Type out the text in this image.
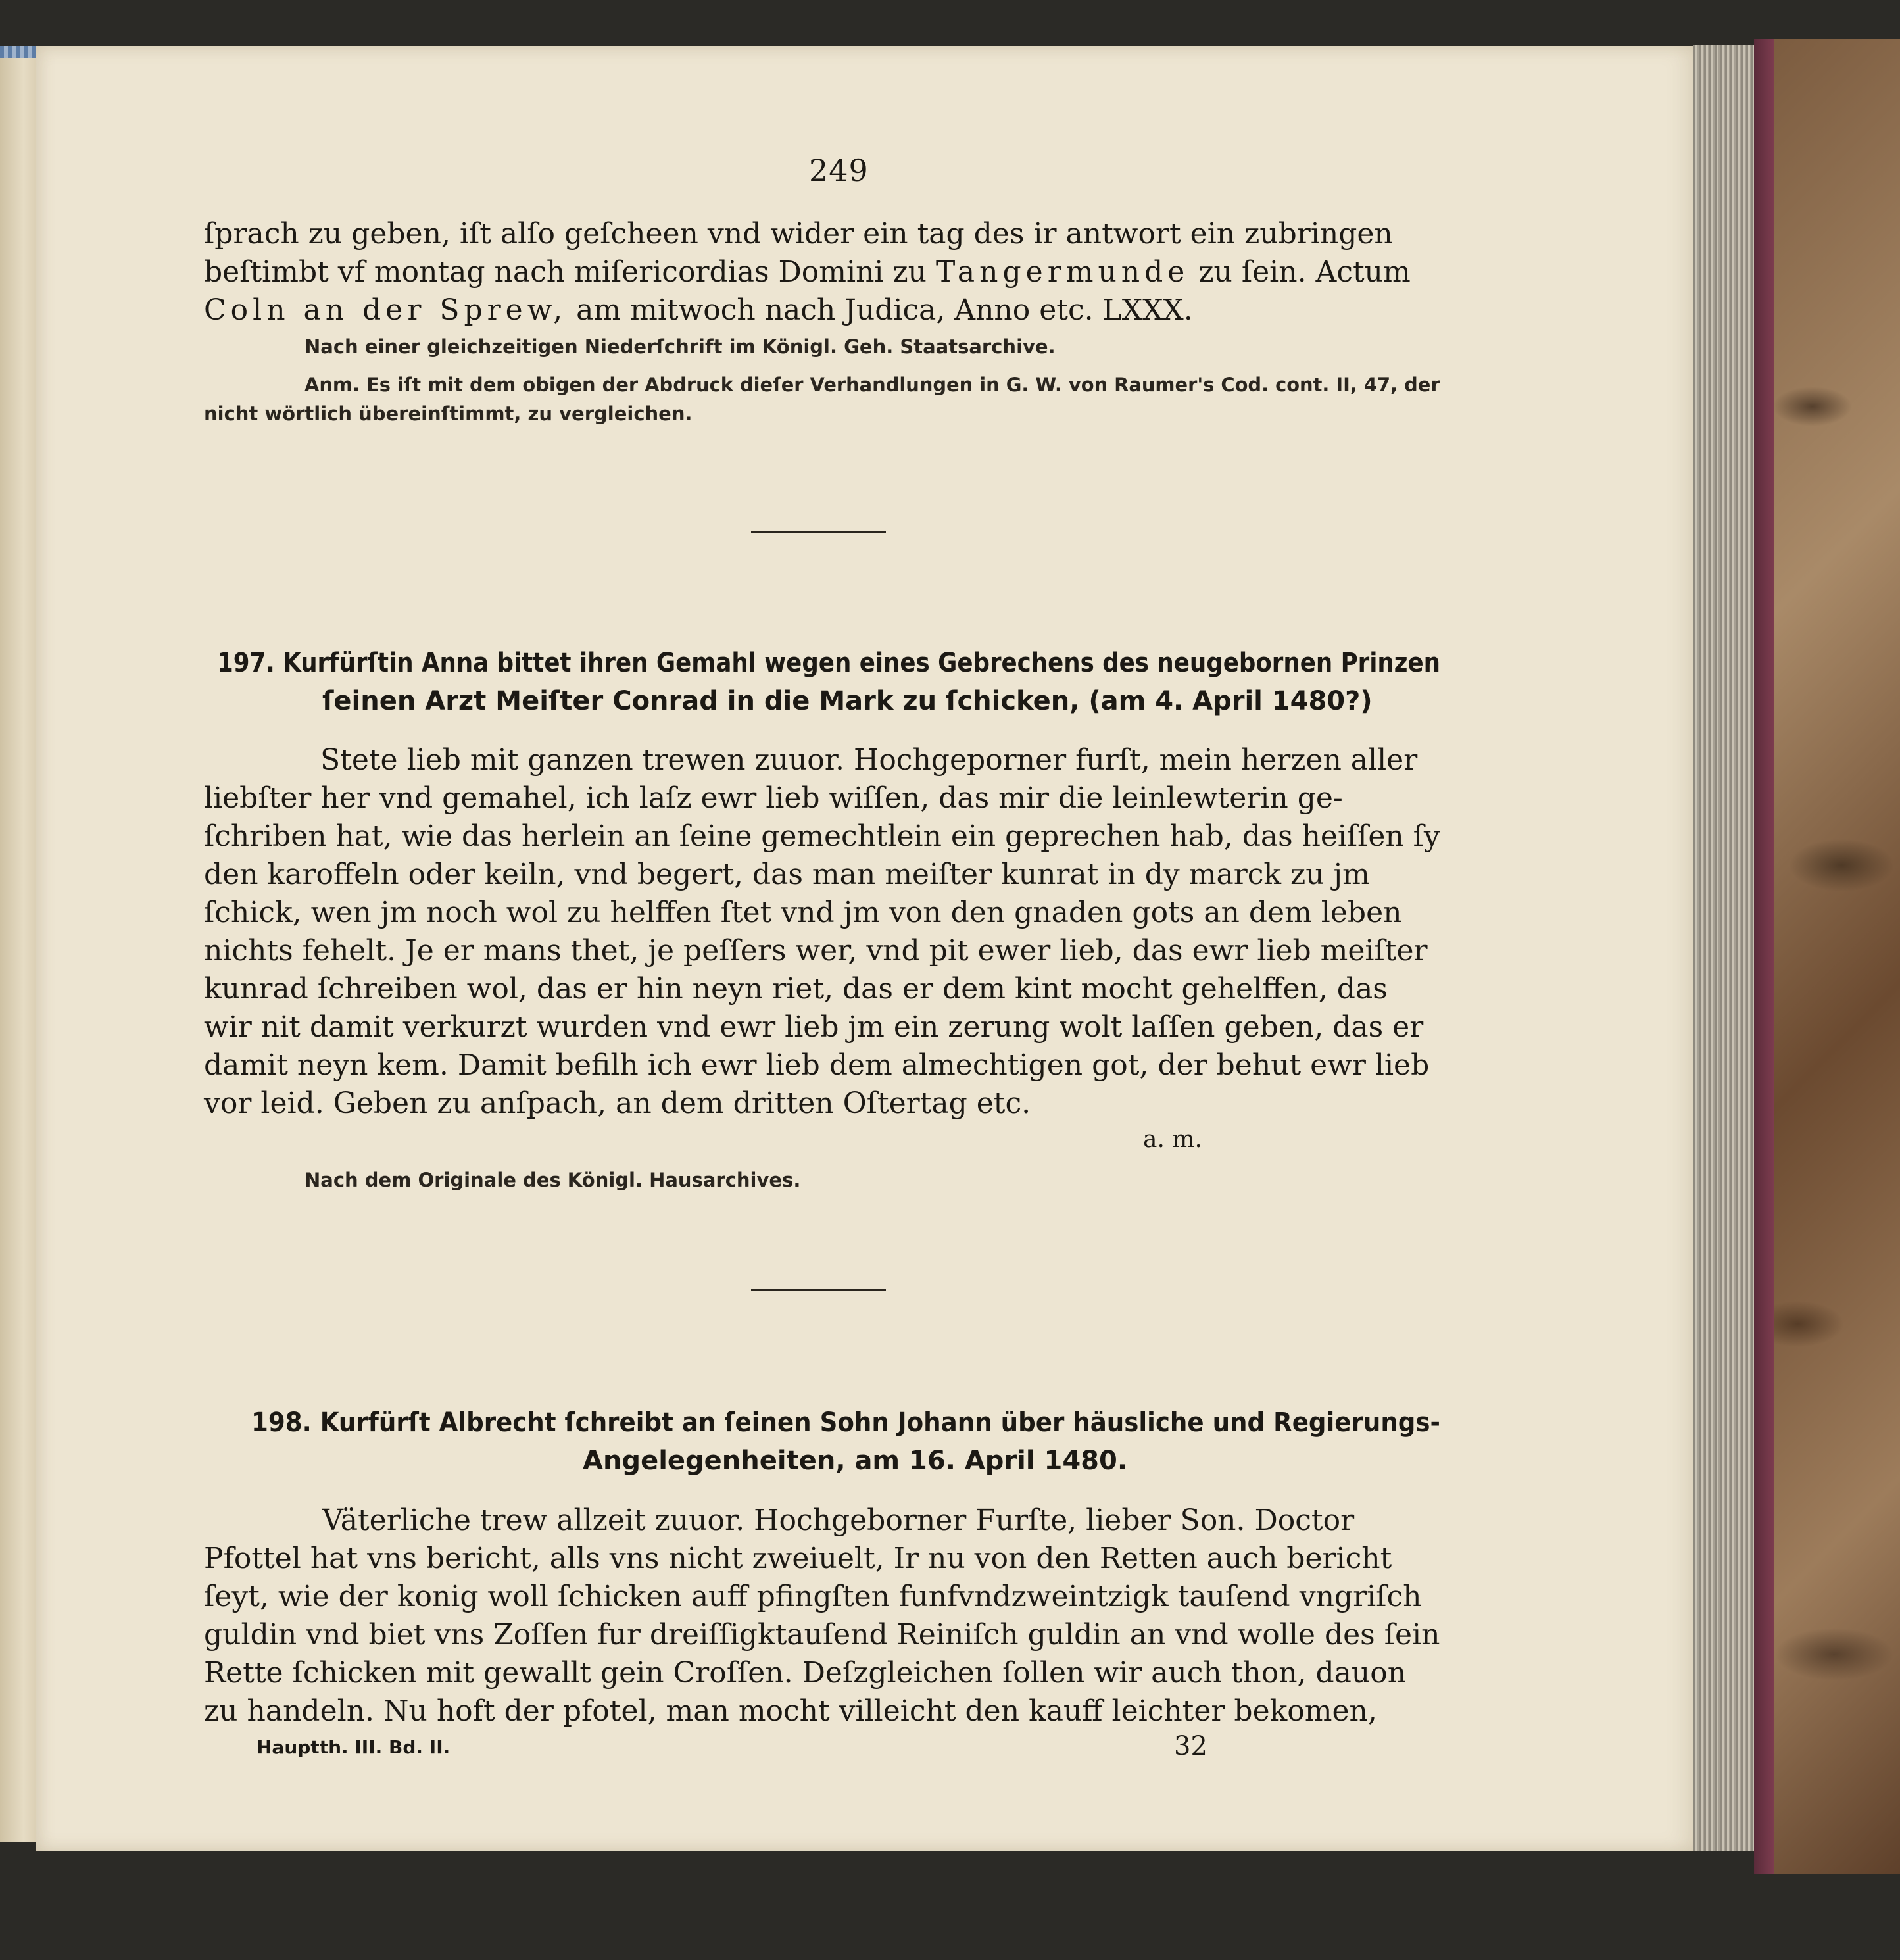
249
ſprach zu geben, iſt alſo geſcheen vnd wider ein tag des ir antwort ein zubringen
beſtimbt vf montag nach miſericordias Domini zu Tangermunde zu ſein. Actum
Coln an der Sprew, am mitwoch nach Judica, Anno etc. LXXX.
Nach einer gleichzeitigen Niederſchrift im Königl. Geh. Staatsarchive.
Anm. Es iſt mit dem obigen der Abdruck dieſer Verhandlungen in G. W. von Raumer's Cod. cont. II, 47, der
nicht wörtlich übereinſtimmt, zu vergleichen.
197. Kurfürſtin Anna bittet ihren Gemahl wegen eines Gebrechens des neugebornen Prinzen
ſeinen Arzt Meiſter Conrad in die Mark zu ſchicken, (am 4. April 1480?)
Stete lieb mit ganzen trewen zuuor. Hochgeporner furſt, mein herzen aller
liebſter her vnd gemahel, ich laſz ewr lieb wiſſen, das mir die leinlewterin ge-
ſchriben hat, wie das herlein an ſeine gemechtlein ein geprechen hab, das heiſſen ſy
den karoffeln oder keiln, vnd begert, das man meiſter kunrat in dy marck zu jm
ſchick, wen jm noch wol zu helffen ſtet vnd jm von den gnaden gots an dem leben
nichts fehelt. Je er mans thet, je peſſers wer, vnd pit ewer lieb, das ewr lieb meiſter
kunrad ſchreiben wol, das er hin neyn riet, das er dem kint mocht gehelffen, das
wir nit damit verkurzt wurden vnd ewr lieb jm ein zerung wolt laſſen geben, das er
damit neyn kem. Damit befilh ich ewr lieb dem almechtigen got, der behut ewr lieb
vor leid. Geben zu anſpach, an dem dritten Oſtertag etc.
a. m.
Nach dem Originale des Königl. Hausarchives.
198. Kurfürſt Albrecht ſchreibt an ſeinen Sohn Johann über häusliche und Regierungs-
Angelegenheiten, am 16. April 1480.
Väterliche trew allzeit zuuor. Hochgeborner Furſte, lieber Son. Doctor
Pfottel hat vns bericht, alls vns nicht zweiuelt, Ir nu von den Retten auch bericht
ſeyt, wie der konig woll ſchicken auff pfingſten funfvndzweintzigk tauſend vngriſch
guldin vnd biet vns Zoſſen fur dreiſſigktauſend Reiniſch guldin an vnd wolle des ſein
Rette ſchicken mit gewallt gein Croſſen. Deſzgleichen ſollen wir auch thon, dauon
zu handeln. Nu hoft der pfotel, man mocht villeicht den kauff leichter bekomen,
Hauptth. III. Bd. II.	32
